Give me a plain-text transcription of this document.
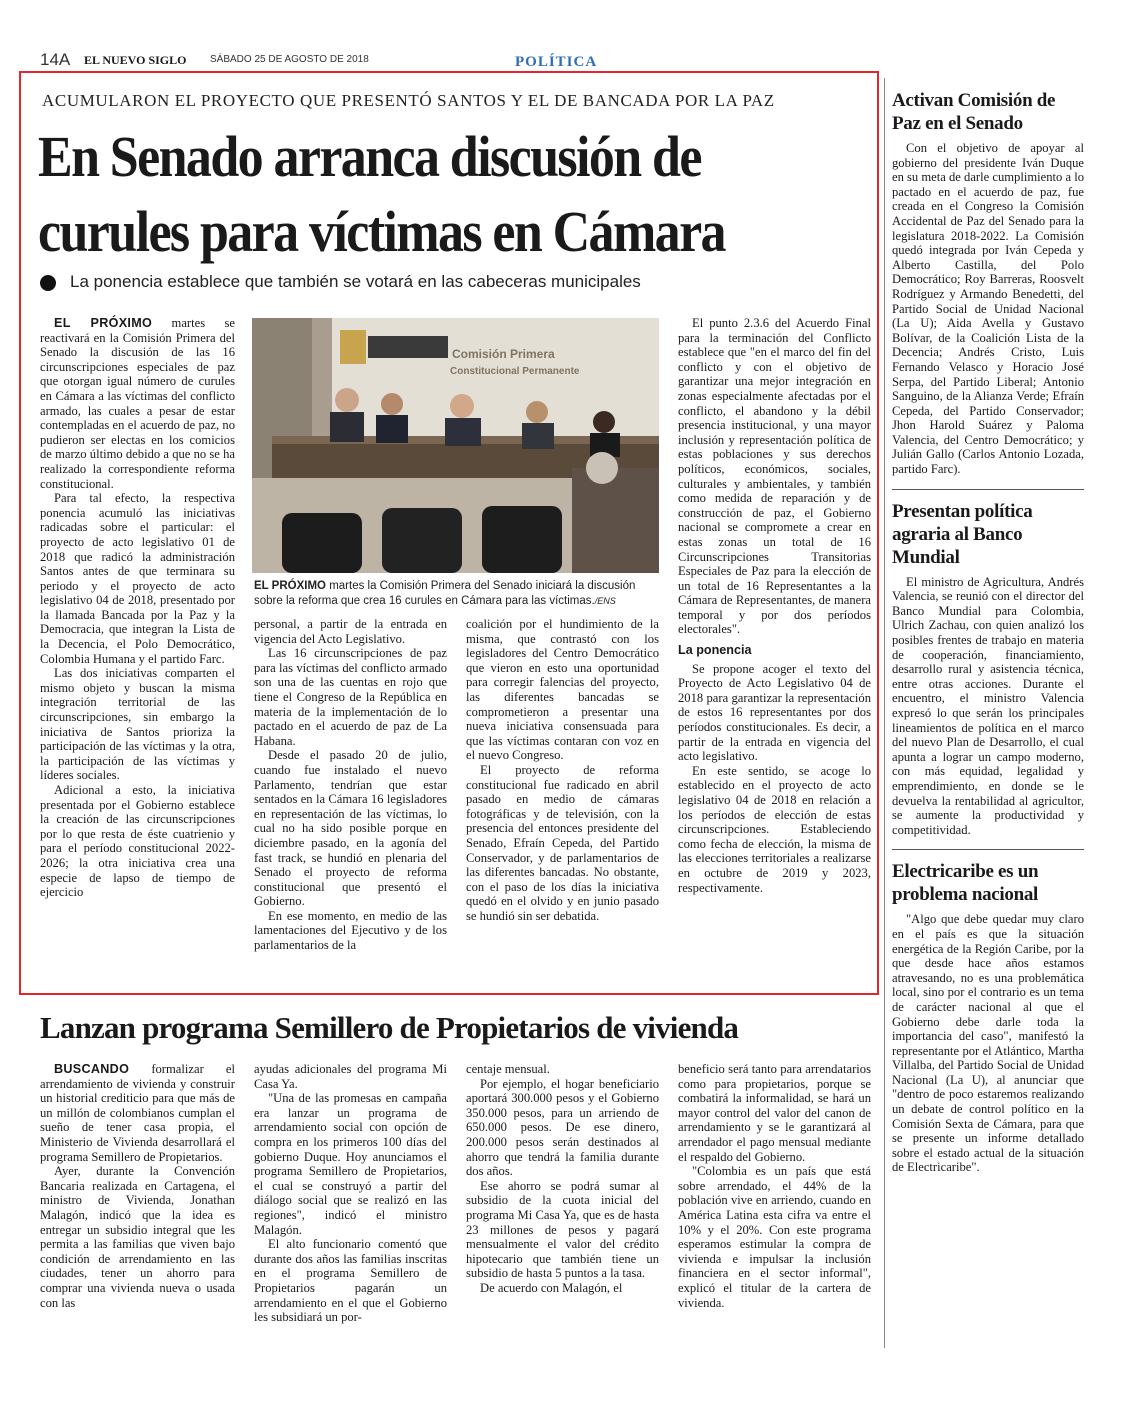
14A EL NUEVO SIGLO SÁBADO 25 DE AGOSTO DE 2018	POLÍTICA
ACUMULARON EL PROYECTO QUE PRESENTÓ SANTOS Y EL DE BANCADA POR LA PAZ
En Senado arranca discusión de
curules para víctimas en Cámara
La ponencia establece que también se votará en las cabeceras municipales

EL PRÓXIMO martes se reactivará en la Comisión Primera del Senado la discusión de las 16 circunscripciones especiales de paz que otorgan igual número de curules en Cámara a las víctimas del conflicto armado, las cuales a pesar de estar contempladas en el acuerdo de paz, no pudieron ser electas en los comicios de marzo último debido a que no se ha realizado la correspondiente reforma constitucional.

Para tal efecto, la respectiva ponencia acumuló las iniciativas radicadas sobre el particular: el proyecto de acto legislativo 01 de 2018 que radicó la administración Santos antes de que terminara su periodo y el proyecto de acto legislativo 04 de 2018, presentado por la llamada Bancada por la Paz y la Democracia, que integran la Lista de la Decencia, el Polo Democrático, Colombia Humana y el partido Farc.

Las dos iniciativas comparten el mismo objeto y buscan la misma integración territorial de las circunscripciones, sin embargo la iniciativa de Santos prioriza la participación de las víctimas y la otra, la participación de las víctimas y líderes sociales.

Adicional a esto, la iniciativa presentada por el Gobierno establece la creación de las circunscripciones por lo que resta de éste cuatrienio y para el período constitucional 2022-2026; la otra iniciativa crea una especie de lapso de tiempo de ejercicio

Comisión Primera
Constitucional Permanente
EL PRÓXIMO martes la Comisión Primera del Senado iniciará la discusión sobre la reforma que crea 16 curules en Cámara para las víctimas./ENS

personal, a partir de la entrada en vigencia del Acto Legislativo.

Las 16 circunscripciones de paz para las víctimas del conflicto armado son una de las cuentas en rojo que tiene el Congreso de la República en materia de la implementación de lo pactado en el acuerdo de paz de La Habana.

Desde el pasado 20 de julio, cuando fue instalado el nuevo Parlamento, tendrían que estar sentados en la Cámara 16 legisladores en representación de las víctimas, lo cual no ha sido posible porque en diciembre pasado, en la agonía del fast track, se hundió en plenaria del Senado el proyecto de reforma constitucional que presentó el Gobierno.

En ese momento, en medio de las lamentaciones del Ejecutivo y de los parlamentarios de la

coalición por el hundimiento de la misma, que contrastó con los legisladores del Centro Democrático que vieron en esto una oportunidad para corregir falencias del proyecto, las diferentes bancadas se comprometieron a presentar una nueva iniciativa consensuada para que las víctimas contaran con voz en el nuevo Congreso.

El proyecto de reforma constitucional fue radicado en abril pasado en medio de cámaras fotográficas y de televisión, con la presencia del entonces presidente del Senado, Efraín Cepeda, del Partido Conservador, y de parlamentarios de las diferentes bancadas. No obstante, con el paso de los días la iniciativa quedó en el olvido y en junio pasado se hundió sin ser debatida.

El punto 2.3.6 del Acuerdo Final para la terminación del Conflicto establece que "en el marco del fin del conflicto y con el objetivo de garantizar una mejor integración en zonas especialmente afectadas por el conflicto, el abandono y la débil presencia institucional, y una mayor inclusión y representación política de estas poblaciones y sus derechos políticos, económicos, sociales, culturales y ambientales, y también como medida de reparación y de construcción de paz, el Gobierno nacional se compromete a crear en estas zonas un total de 16 Circunscripciones Transitorias Especiales de Paz para la elección de un total de 16 Representantes a la Cámara de Representantes, de manera temporal y por dos períodos electorales".

La ponencia

Se propone acoger el texto del Proyecto de Acto Legislativo 04 de 2018 para garantizar la representación de estos 16 representantes por dos períodos constitucionales. Es decir, a partir de la entrada en vigencia del acto legislativo.

En este sentido, se acoge lo establecido en el proyecto de acto legislativo 04 de 2018 en relación a los períodos de elección de estas circunscripciones. Estableciendo como fecha de elección, la misma de las elecciones territoriales a realizarse en octubre de 2019 y 2023, respectivamente.

Activan Comisión de Paz en el Senado

Con el objetivo de apoyar al gobierno del presidente Iván Duque en su meta de darle cumplimiento a lo pactado en el acuerdo de paz, fue creada en el Congreso la Comisión Accidental de Paz del Senado para la legislatura 2018-2022. La Comisión quedó integrada por Iván Cepeda y Alberto Castilla, del Polo Democrático; Roy Barreras, Roosvelt Rodríguez y Armando Benedetti, del Partido Social de Unidad Nacional (La U); Aida Avella y Gustavo Bolívar, de la Coalición Lista de la Decencia; Andrés Cristo, Luis Fernando Velasco y Horacio José Serpa, del Partido Liberal; Antonio Sanguino, de la Alianza Verde; Efraín Cepeda, del Partido Conservador; Jhon Harold Suárez y Paloma Valencia, del Centro Democrático; y Julián Gallo (Carlos Antonio Lozada, partido Farc).

Presentan política agraria al Banco Mundial

El ministro de Agricultura, Andrés Valencia, se reunió con el director del Banco Mundial para Colombia, Ulrich Zachau, con quien analizó los posibles frentes de trabajo en materia de cooperación, financiamiento, desarrollo rural y asistencia técnica, entre otras acciones. Durante el encuentro, el ministro Valencia expresó lo que serán los principales lineamientos de política en el marco del nuevo Plan de Desarrollo, el cual apunta a lograr un campo moderno, con más equidad, legalidad y emprendimiento, en donde se le devuelva la rentabilidad al agricultor, se aumente la productividad y competitividad.

Electricaribe es un problema nacional

"Algo que debe quedar muy claro en el país es que la situación energética de la Región Caribe, por la que desde hace años estamos atravesando, no es una problemática local, sino por el contrario es un tema de carácter nacional al que el Gobierno debe darle toda la importancia del caso", manifestó la representante por el Atlántico, Martha Villalba, del Partido Social de Unidad Nacional (La U), al anunciar que "dentro de poco estaremos realizando un debate de control político en la Comisión Sexta de Cámara, para que se presente un informe detallado sobre el estado actual de la situación de Electricaribe".

Lanzan programa Semillero de Propietarios de vivienda

BUSCANDO formalizar el arrendamiento de vivienda y construir un historial crediticio para que más de un millón de colombianos cumplan el sueño de tener casa propia, el Ministerio de Vivienda desarrollará el programa Semillero de Propietarios.

Ayer, durante la Convención Bancaria realizada en Cartagena, el ministro de Vivienda, Jonathan Malagón, indicó que la idea es entregar un subsidio integral que les permita a las familias que viven bajo condición de arrendamiento en las ciudades, tener un ahorro para comprar una vivienda nueva o usada con las

ayudas adicionales del programa Mi Casa Ya.

"Una de las promesas en campaña era lanzar un programa de arrendamiento social con opción de compra en los primeros 100 días del gobierno Duque. Hoy anunciamos el programa Semillero de Propietarios, el cual se construyó a partir del diálogo social que se realizó en las regiones", indicó el ministro Malagón.

El alto funcionario comentó que durante dos años las familias inscritas en el programa Semillero de Propietarios pagarán un arrendamiento en el que el Gobierno les subsidiará un por-

centaje mensual.

Por ejemplo, el hogar beneficiario aportará 300.000 pesos y el Gobierno 350.000 pesos, para un arriendo de 650.000 pesos. De ese dinero, 200.000 pesos serán destinados al ahorro que tendrá la familia durante dos años.

Ese ahorro se podrá sumar al subsidio de la cuota inicial del programa Mi Casa Ya, que es de hasta 23 millones de pesos y pagará mensualmente el valor del crédito hipotecario que también tiene un subsidio de hasta 5 puntos a la tasa.

De acuerdo con Malagón, el

beneficio será tanto para arrendatarios como para propietarios, porque se combatirá la informalidad, se hará un mayor control del valor del canon de arrendamiento y se le garantizará al arrendador el pago mensual mediante el respaldo del Gobierno.

"Colombia es un país que está sobre arrendado, el 44% de la población vive en arriendo, cuando en América Latina esta cifra va entre el 10% y el 20%. Con este programa esperamos estimular la compra de vivienda e impulsar la inclusión financiera en el sector informal", explicó el titular de la cartera de vivienda.
